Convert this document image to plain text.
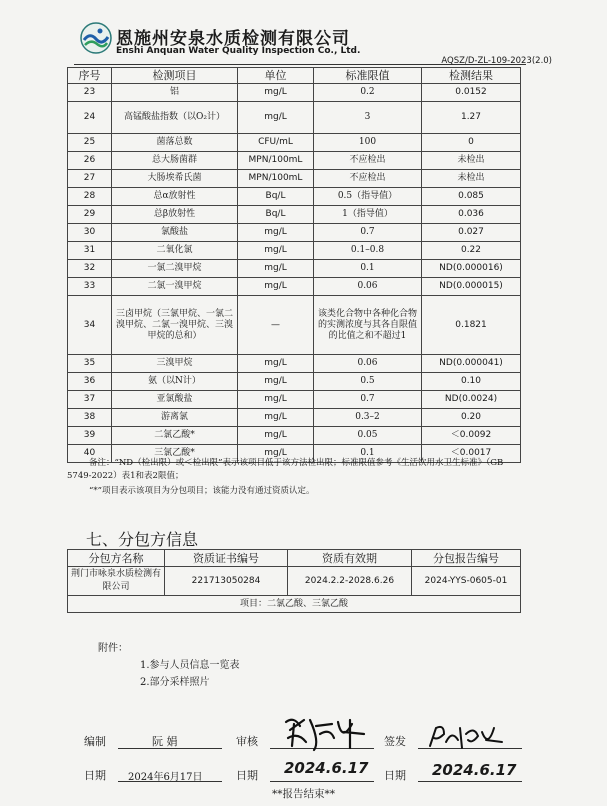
恩施州安泉水质检测有限公司
Enshi Anquan Water Quality Inspection Co., Ltd.
AQSZ/D-ZL-109-2023(2.0)
序号	检测项目	单位	标准限值	检测结果
23	铝	mg/L	0.2	0.0152
24	高锰酸盐指数（以O₂计）	mg/L	3	1.27
25	菌落总数	CFU/mL	100	0
26	总大肠菌群	MPN/100mL	不应检出	未检出
27	大肠埃希氏菌	MPN/100mL	不应检出	未检出
28	总α放射性	Bq/L	0.5（指导值）	0.085
29	总β放射性	Bq/L	1（指导值）	0.036
30	氯酸盐	mg/L	0.7	0.027
31	二氧化氯	mg/L	0.1–0.8	0.22
32	一氯二溴甲烷	mg/L	0.1	ND(0.000016)
33	二氯一溴甲烷	mg/L	0.06	ND(0.000015)
34	三卤甲烷（三氯甲烷、一氯二溴甲烷、二氯一溴甲烷、三溴甲烷的总和）	—	该类化合物中各种化合物的实测浓度与其各自限值的比值之和不超过1	0.1821
35	三溴甲烷	mg/L	0.06	ND(0.000041)
36	氨（以N计）	mg/L	0.5	0.10
37	亚氯酸盐	mg/L	0.7	ND(0.0024)
38	游离氯	mg/L	0.3–2	0.20
39	二氯乙酸*	mg/L	0.05	＜0.0092
40	三氯乙酸*	mg/L	0.1	＜0.0017
备注：“ND（检出限）或＜检出限”表示该项目低于该方法检出限；标准限值参考《生活饮用水卫生标准》（GB 5749-2022）表1和表2限值；
“*”项目表示该项目为分包项目；该能力没有通过资质认定。
七、分包方信息
分包方名称	资质证书编号	资质有效期	分包报告编号
荆门市咏泉水质检测有限公司	221713050284	2024.2.2-2028.6.26	2024-YYS-0605-01
项目：二氯乙酸、三氯乙酸			
附件：
1.参与人员信息一览表
2.部分采样照片
编制	阮 娟	审核	签发
日期 2024年6月17日	日期 2024.6.17 日期 2024.6.17
**报告结束**
